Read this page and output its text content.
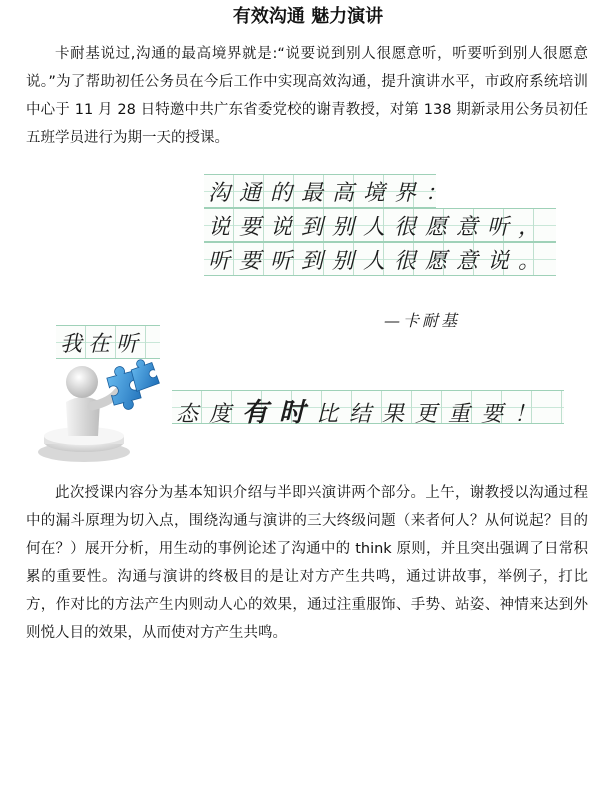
有效沟通 魅力演讲

卡耐基说过,沟通的最高境界就是:“说要说到别人很愿意听，听要听到别人很愿意说。”为了帮助初任公务员在今后工作中实现高效沟通，提升演讲水平，市政府系统培训中心于 11 月 28 日特邀中共广东省委党校的谢青教授，对第 138 期新录用公务员初任五班学员进行为期一天的授课。

沟通的最高境界：
说要说到别人很愿意听，
听要听到别人很愿意说。
—卡耐基
我在听
态度有时比结果更重要！

此次授课内容分为基本知识介绍与半即兴演讲两个部分。上午，谢教授以沟通过程中的漏斗原理为切入点，围绕沟通与演讲的三大终级问题（来者何人？从何说起？目的何在？）展开分析，用生动的事例论述了沟通中的 think 原则，并且突出强调了日常积累的重要性。沟通与演讲的终极目的是让对方产生共鸣，通过讲故事，举例子，打比方，作对比的方法产生内则动人心的效果，通过注重服饰、手势、站姿、神情来达到外则悦人目的效果，从而使对方产生共鸣。
